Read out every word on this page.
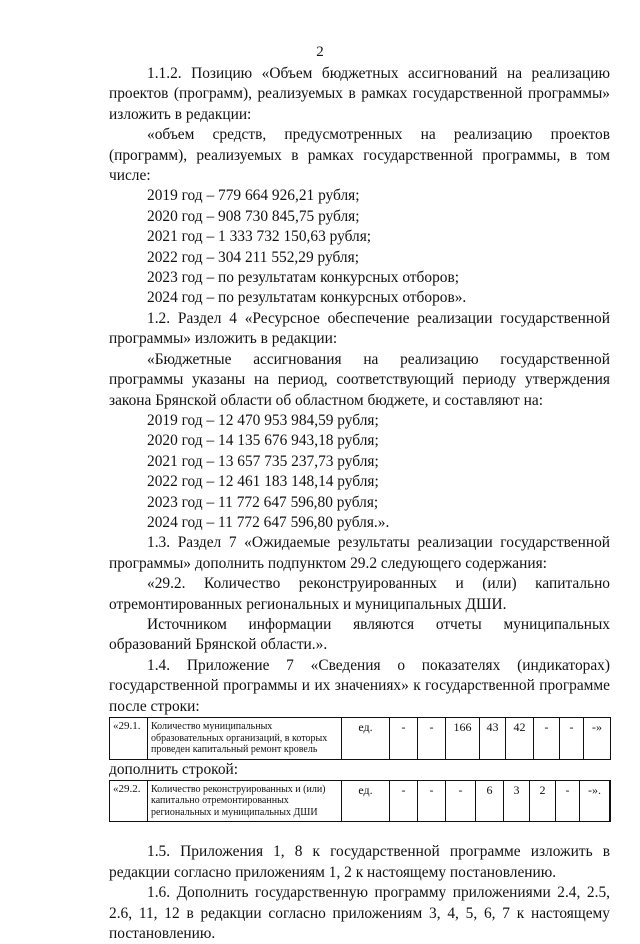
2

1.1.2. Позицию «Объем бюджетных ассигнований на реализацию проектов (программ), реализуемых в рамках государственной программы» изложить в редакции:

«объем средств, предусмотренных на реализацию проектов (программ), реализуемых в рамках государственной программы, в том числе:

2019 год – 779 664 926,21 рубля;

2020 год – 908 730 845,75 рубля;

2021 год – 1 333 732 150,63 рубля;

2022 год – 304 211 552,29 рубля;

2023 год – по результатам конкурсных отборов;

2024 год – по результатам конкурсных отборов».

1.2. Раздел 4 «Ресурсное обеспечение реализации государственной программы» изложить в редакции:

«Бюджетные ассигнования на реализацию государственной программы указаны на период, соответствующий периоду утверждения закона Брянской области об областном бюджете, и составляют на:

2019 год – 12 470 953 984,59 рубля;

2020 год – 14 135 676 943,18 рубля;

2021 год – 13 657 735 237,73 рубля;

2022 год – 12 461 183 148,14 рубля;

2023 год – 11 772 647 596,80 рубля;

2024 год – 11 772 647 596,80 рубля.».

1.3. Раздел 7 «Ожидаемые результаты реализации государственной программы» дополнить подпунктом 29.2 следующего содержания:

«29.2. Количество реконструированных и (или) капитально отремонтированных региональных и муниципальных ДШИ.

Источником информации являются отчеты муниципальных образований Брянской области.».

1.4. Приложение 7 «Сведения о показателях (индикаторах) государственной программы и их значениях» к государственной программе после строки:

«29.1.	Количество муниципальных образовательных организаций, в которых проведен капитальный ремонт кровель	ед.	-	-	166	43	42	-	-	-»

дополнить строкой:

«29.2.	Количество реконструированных и (или) капитально отремонтированных региональных и муниципальных ДШИ	ед.	-	-	-	6	3	2	-	-».	

1.5. Приложения 1, 8 к государственной программе изложить в редакции согласно приложениям 1, 2 к настоящему постановлению.

1.6. Дополнить государственную программу приложениями 2.4, 2.5, 2.6, 11, 12 в редакции согласно приложениям 3, 4, 5, 6, 7 к настоящему постановлению.
